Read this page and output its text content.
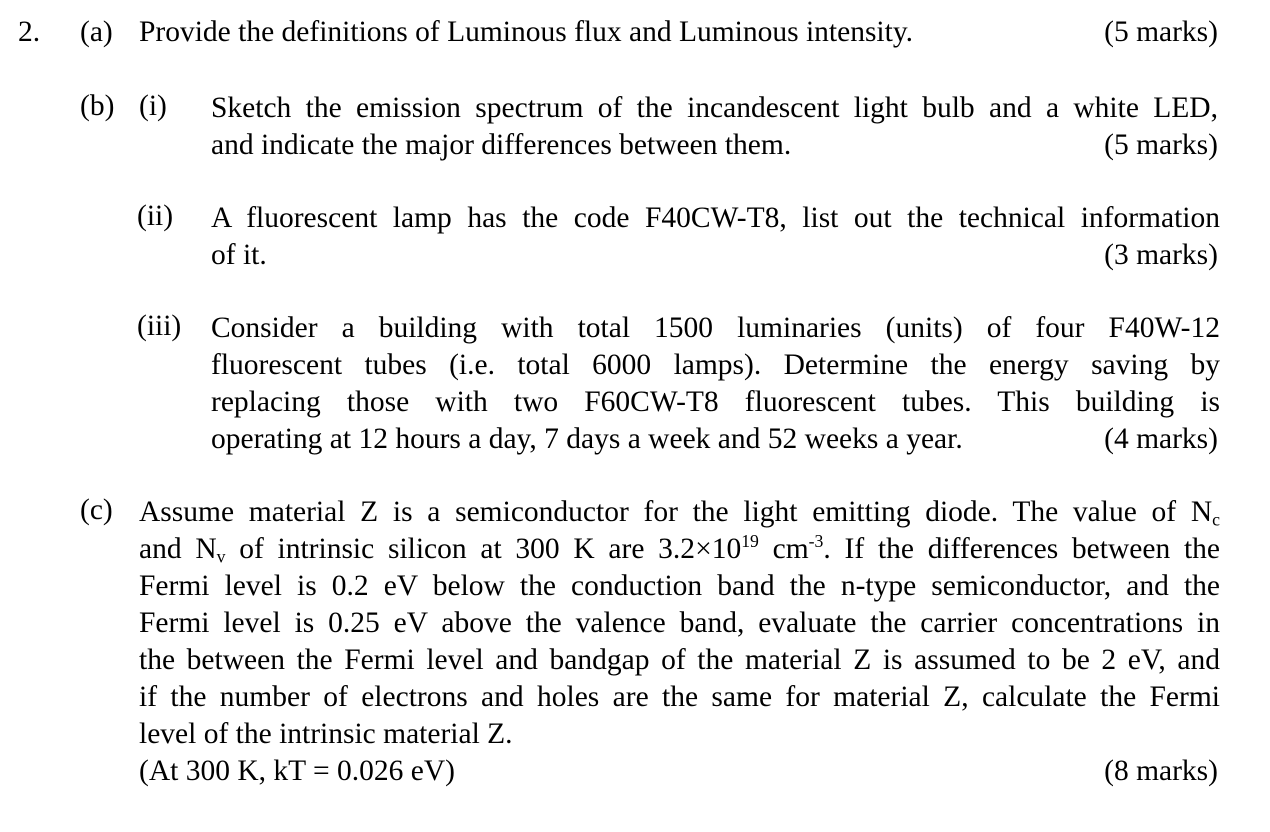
2. (a) Provide the definitions of Luminous flux and Luminous intensity.	(5 marks)
(b) (i) Sketch the emission spectrum of the incandescent light bulb and a white LED,
and indicate the major differences between them.	(5 marks)
(ii) A fluorescent lamp has the code F40CW-T8, list out the technical information
of it.	(3 marks)
(iii) Consider a building with total 1500 luminaries (units) of four F40W-12
fluorescent tubes (i.e. total 6000 lamps). Determine the energy saving by
replacing those with two F60CW-T8 fluorescent tubes. This building is
operating at 12 hours a day, 7 days a week and 52 weeks a year.	(4 marks)
(c) Assume material Z is a semiconductor for the light emitting diode. The value of $N_c$
and $N_v$ of intrinsic silicon at 300 K are $3.2\times 10^{19}$ $cm^{-3}$. If the differences between the
Fermi level is 0.2 eV below the conduction band the n-type semiconductor, and the
Fermi level is 0.25 eV above the valence band, evaluate the carrier concentrations in
the between the Fermi level and bandgap of the material Z is assumed to be 2 eV, and
if the number of electrons and holes are the same for material Z, calculate the Fermi
level of the intrinsic material Z.
(At 300 K, kT = 0.026 eV)	(8 marks)
